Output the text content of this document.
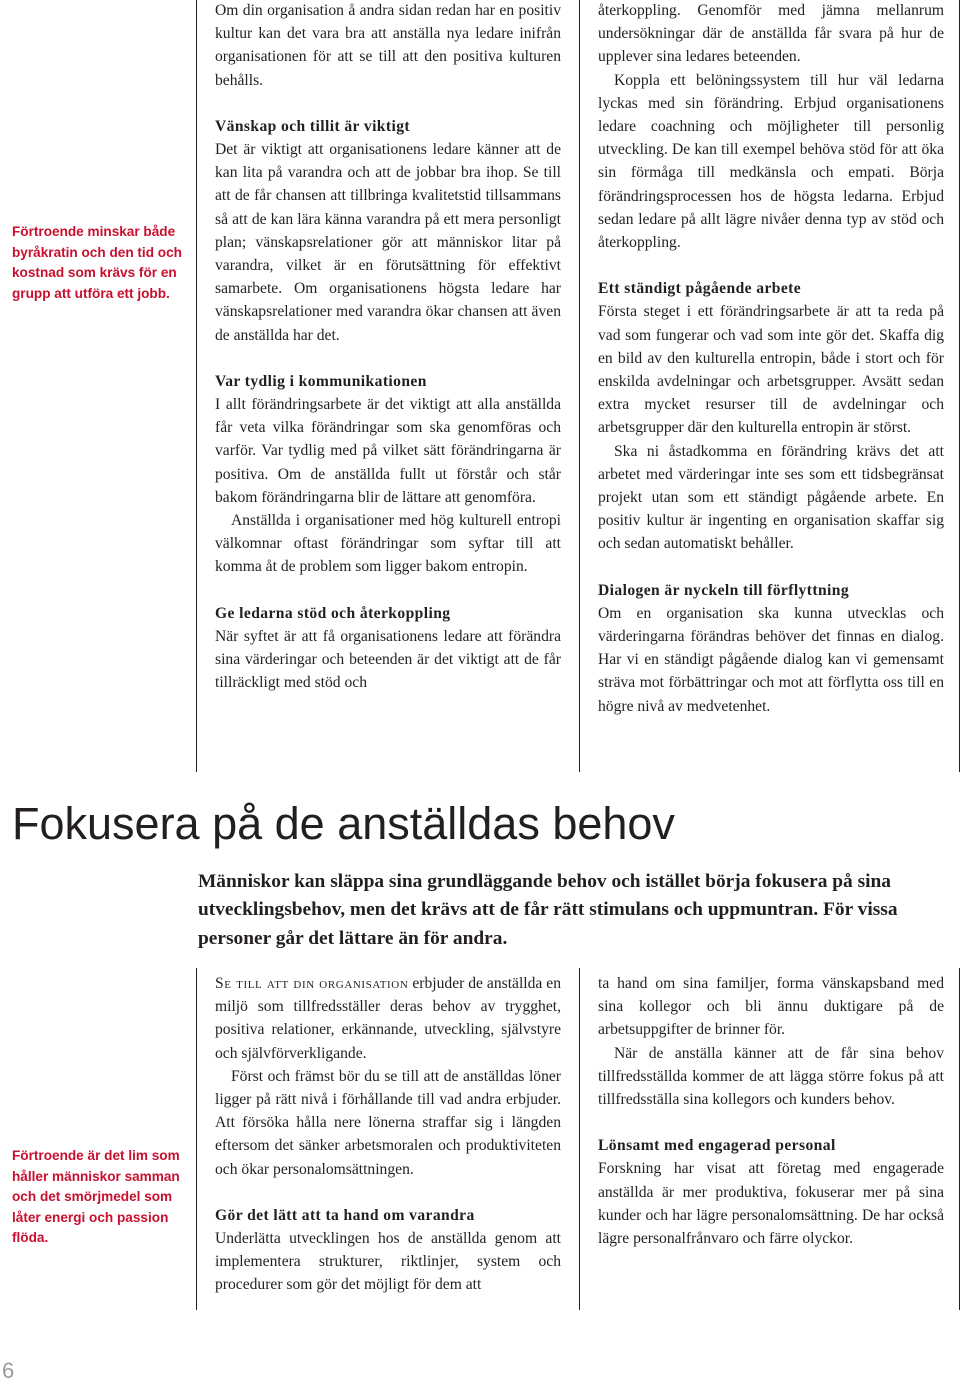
Förtroende minskar både byråkratin och den tid och kostnad som krävs för en grupp att utföra ett jobb.
Förtroende är det lim som håller människor samman och det smörjmedel som låter energi och passion flöda.

Om din organisation å andra sidan redan har en positiv kultur kan det vara bra att anställa nya ledare inifrån organisationen för att se till att den positiva kulturen behålls.

Vänskap och tillit är viktigt

Det är viktigt att organisationens ledare känner att de kan lita på varandra och att de jobbar bra ihop. Se till att de får chansen att tillbringa kvalitetstid tillsammans så att de kan lära känna varandra på ett mera personligt plan; vänskapsrelationer gör att människor litar på varandra, vilket är en förutsättning för effektivt samarbete. Om organisationens högsta ledare har vänskapsrelationer med varandra ökar chansen att även de anställda har det.

Var tydlig i kommunikationen

I allt förändringsarbete är det viktigt att alla anställda får veta vilka förändringar som ska genomföras och varför. Var tydlig med på vilket sätt förändringarna är positiva. Om de anställda fullt ut förstår och står bakom förändringarna blir de lättare att genomföra.

Anställda i organisationer med hög kulturell entropi välkomnar oftast förändringar som syftar till att komma åt de problem som ligger bakom entropin.

Ge ledarna stöd och återkoppling

När syftet är att få organisationens ledare att förändra sina värderingar och beteenden är det viktigt att de får tillräckligt med stöd och

återkoppling. Genomför med jämna mellanrum undersökningar där de anställda får svara på hur de upplever sina ledares beteenden.

Koppla ett belöningssystem till hur väl ledarna lyckas med sin förändring. Erbjud organisationens ledare coachning och möjligheter till personlig utveckling. De kan till exempel behöva stöd för att öka sin förmåga till medkänsla och empati. Börja förändringsprocessen hos de högsta ledarna. Erbjud sedan ledare på allt lägre nivåer denna typ av stöd och återkoppling.

Ett ständigt pågående arbete

Första steget i ett förändringsarbete är att ta reda på vad som fungerar och vad som inte gör det. Skaffa dig en bild av den kulturella entropin, både i stort och för enskilda avdelningar och arbetsgrupper. Avsätt sedan extra mycket resurser till de avdelningar och arbetsgrupper där den kulturella entropin är störst.

Ska ni åstadkomma en förändring krävs det att arbetet med värderingar inte ses som ett tidsbegränsat projekt utan som ett ständigt pågående arbete. En positiv kultur är ingenting en organisation skaffar sig och sedan automatiskt behåller.

Dialogen är nyckeln till förflyttning

Om en organisation ska kunna utvecklas och värderingarna förändras behöver det finnas en dialog. Har vi en ständigt pågående dialog kan vi gemensamt sträva mot förbättringar och mot att förflytta oss till en högre nivå av medvetenhet.

Fokusera på de anställdas behov

Människor kan släppa sina grundläggande behov och istället börja fokusera på sina utvecklingsbehov, men det krävs att de får rätt stimulans och uppmuntran. För vissa personer går det lättare än för andra.

Se till att din organisation erbjuder de anställda en miljö som tillfredsställer deras behov av trygghet, positiva relationer, erkännande, utveckling, självstyre och självförverkligande.

Först och främst bör du se till att de anställdas löner ligger på rätt nivå i förhållande till vad andra erbjuder. Att försöka hålla nere lönerna straffar sig i längden eftersom det sänker arbetsmoralen och produktiviteten och ökar personalomsättningen.

Gör det lätt att ta hand om varandra

Underlätta utvecklingen hos de anställda genom att implementera strukturer, riktlinjer, system och procedurer som gör det möjligt för dem att

ta hand om sina familjer, forma vänskapsband med sina kollegor och bli ännu duktigare på de arbetsuppgifter de brinner för.

När de anställa känner att de får sina behov tillfredsställda kommer de att lägga större fokus på att tillfredsställa sina kollegors och kunders behov.

Lönsamt med engagerad personal

Forskning har visat att företag med engagerade anställda är mer produktiva, fokuserar mer på sina kunder och har lägre personalomsättning. De har också lägre personalfrånvaro och färre olyckor.

6
